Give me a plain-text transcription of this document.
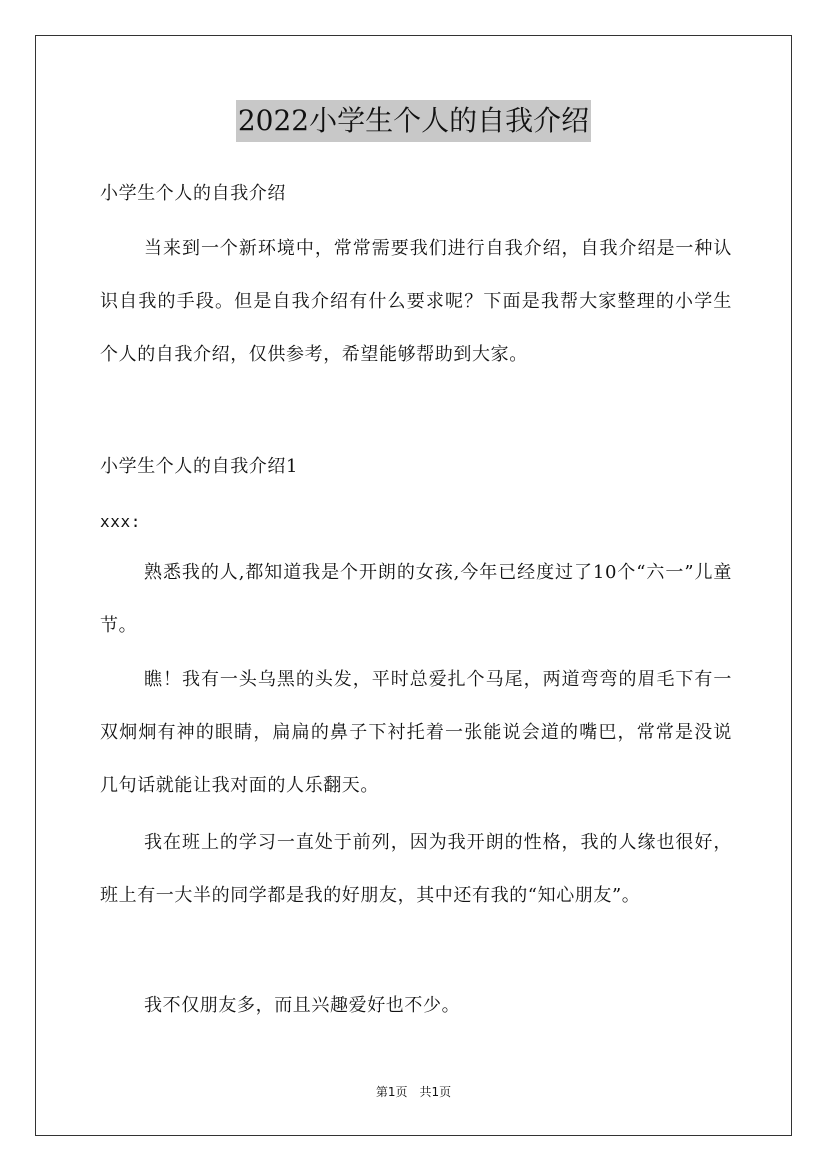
2022小学生个人的自我介绍
小学生个人的自我介绍

当来到一个新环境中，常常需要我们进行自我介绍，自我介绍是一种认识自我的手段。但是自我介绍有什么要求呢？下面是我帮大家整理的小学生个人的自我介绍，仅供参考，希望能够帮助到大家。

小学生个人的自我介绍1
xxx:

熟悉我的人,都知道我是个开朗的女孩,今年已经度过了10个“六一”儿童节。

瞧！我有一头乌黑的头发，平时总爱扎个马尾，两道弯弯的眉毛下有一双炯炯有神的眼睛，扁扁的鼻子下衬托着一张能说会道的嘴巴，常常是没说几句话就能让我对面的人乐翻天。

我在班上的学习一直处于前列，因为我开朗的性格，我的人缘也很好，班上有一大半的同学都是我的好朋友，其中还有我的“知心朋友”。

我不仅朋友多，而且兴趣爱好也不少。

第1页　共1页
